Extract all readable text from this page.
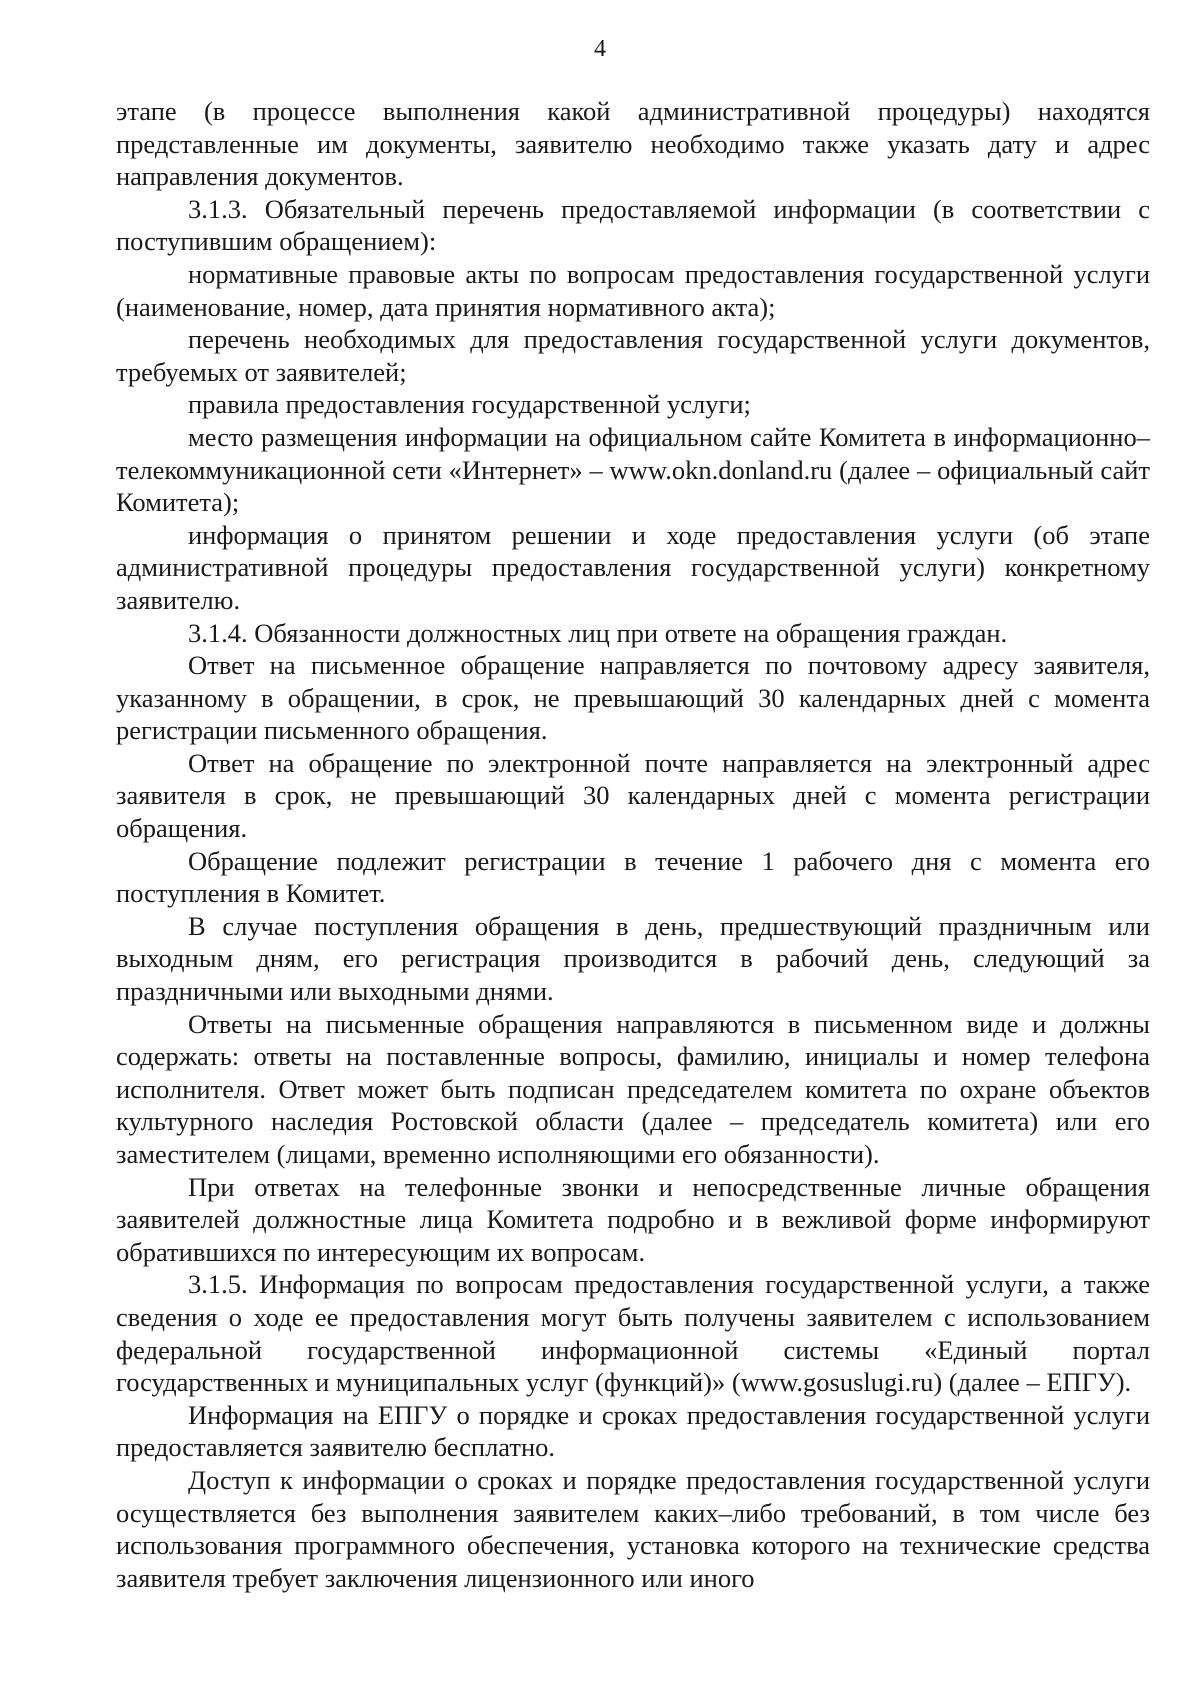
4

этапе (в процессе выполнения какой административной процедуры) находятся представленные им документы, заявителю необходимо также указать дату и адрес направления документов.

3.1.3. Обязательный перечень предоставляемой информации (в соответствии с поступившим обращением):

нормативные правовые акты по вопросам предоставления государственной услуги (наименование, номер, дата принятия нормативного акта);

перечень необходимых для предоставления государственной услуги документов, требуемых от заявителей;

правила предоставления государственной услуги;

место размещения информации на официальном сайте Комитета в информационно–телекоммуникационной сети «Интернет» – www.okn.donland.ru (далее – официальный сайт Комитета);

информация о принятом решении и ходе предоставления услуги (об этапе административной процедуры предоставления государственной услуги) конкретному заявителю.

3.1.4. Обязанности должностных лиц при ответе на обращения граждан.

Ответ на письменное обращение направляется по почтовому адресу заявителя, указанному в обращении, в срок, не превышающий 30 календарных дней с момента регистрации письменного обращения.

Ответ на обращение по электронной почте направляется на электронный адрес заявителя в срок, не превышающий 30 календарных дней с момента регистрации обращения.

Обращение подлежит регистрации в течение 1 рабочего дня с момента его поступления в Комитет.

В случае поступления обращения в день, предшествующий праздничным или выходным дням, его регистрация производится в рабочий день, следующий за праздничными или выходными днями.

Ответы на письменные обращения направляются в письменном виде и должны содержать: ответы на поставленные вопросы, фамилию, инициалы и номер телефона исполнителя. Ответ может быть подписан председателем комитета по охране объектов культурного наследия Ростовской области (далее – председатель комитета) или его заместителем (лицами, временно исполняющими его обязанности).

При ответах на телефонные звонки и непосредственные личные обращения заявителей должностные лица Комитета подробно и в вежливой форме информируют обратившихся по интересующим их вопросам.

3.1.5. Информация по вопросам предоставления государственной услуги, а также сведения о ходе ее предоставления могут быть получены заявителем с использованием федеральной государственной информационной системы «Единый портал государственных и муниципальных услуг (функций)» (www.gosuslugi.ru) (далее – ЕПГУ).

Информация на ЕПГУ о порядке и сроках предоставления государственной услуги предоставляется заявителю бесплатно.

Доступ к информации о сроках и порядке предоставления государственной услуги осуществляется без выполнения заявителем каких–либо требований, в том числе без использования программного обеспечения, установка которого на технические средства заявителя требует заключения лицензионного или иного
